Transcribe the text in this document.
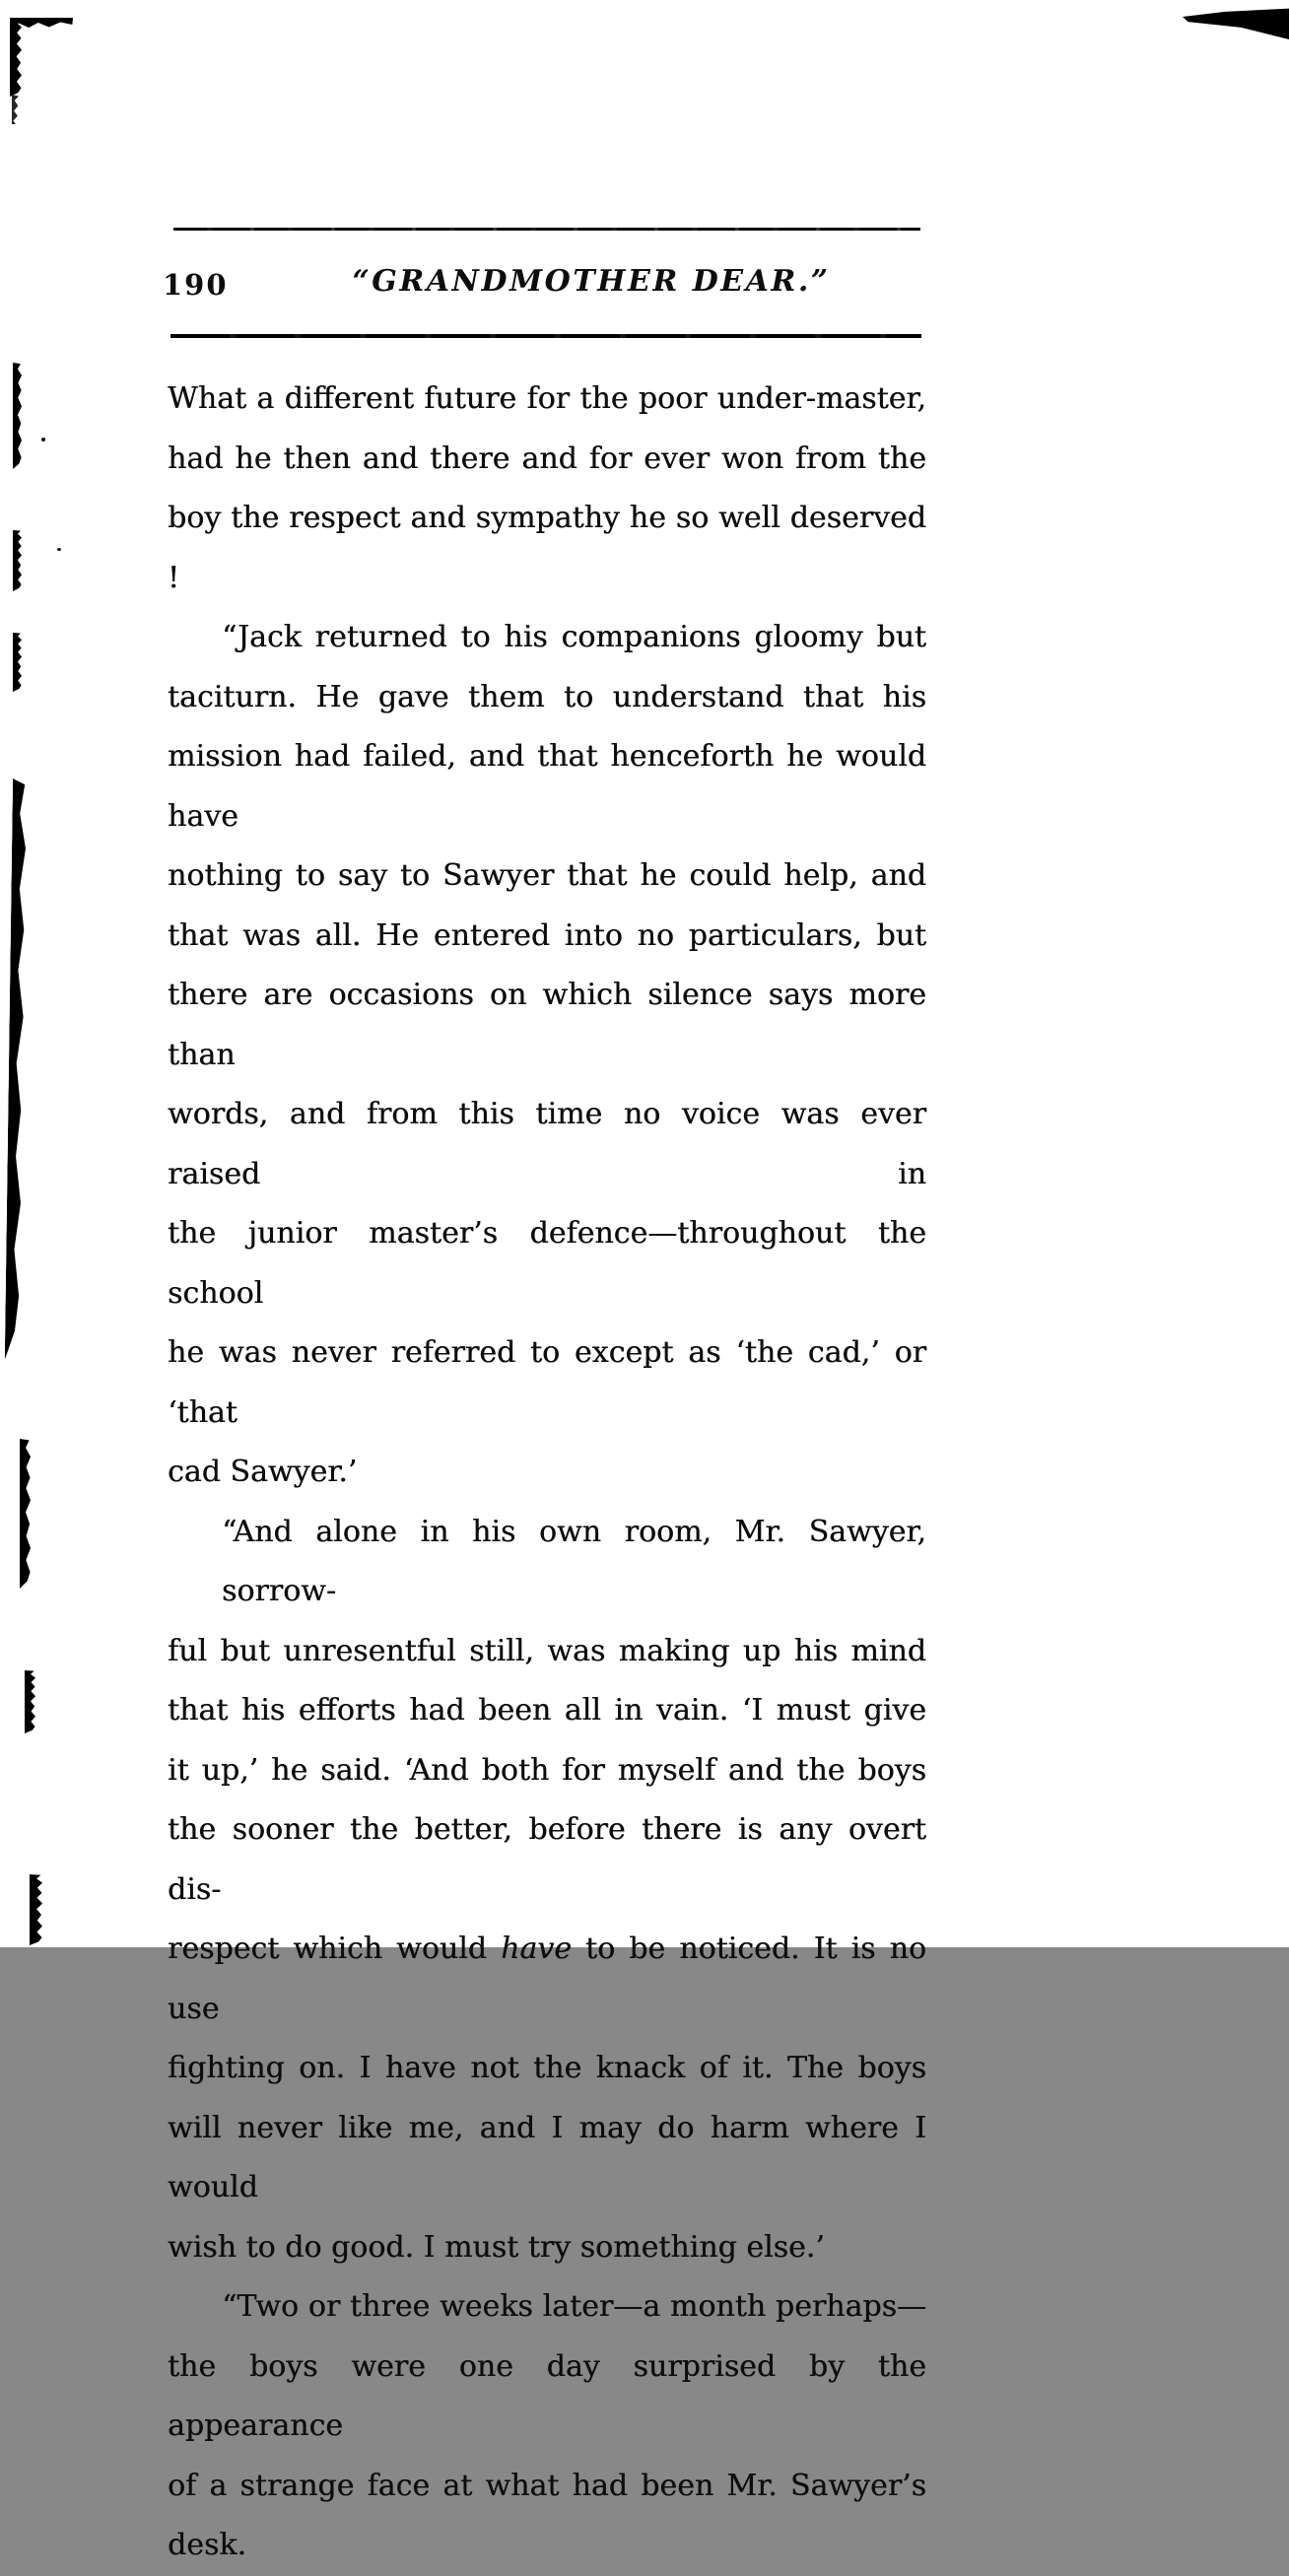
190	“GRANDMOTHER DEAR.”
What a different future for the poor under-master,
had he then and there and for ever won from the
boy the respect and sympathy he so well deserved !
“Jack returned to his companions gloomy but
taciturn. He gave them to understand that his
mission had failed, and that henceforth he would have
nothing to say to Sawyer that he could help, and
that was all. He entered into no particulars, but
there are occasions on which silence says more than
words, and from this time no voice was ever raised in
the junior master’s defence—throughout the school
he was never referred to except as ‘the cad,’ or ‘that
cad Sawyer.’
“And alone in his own room, Mr. Sawyer, sorrow-
ful but unresentful still, was making up his mind
that his efforts had been all in vain. ‘I must give
it up,’ he said. ‘And both for myself and the boys
the sooner the better, before there is any overt dis-
respect which would have to be noticed. It is no use
fighting on. I have not the knack of it. The boys
will never like me, and I may do harm where I would
wish to do good. I must try something else.’
“Two or three weeks later—a month perhaps—
the boys were one day surprised by the appearance
of a strange face at what had been Mr. Sawyer’s desk.
